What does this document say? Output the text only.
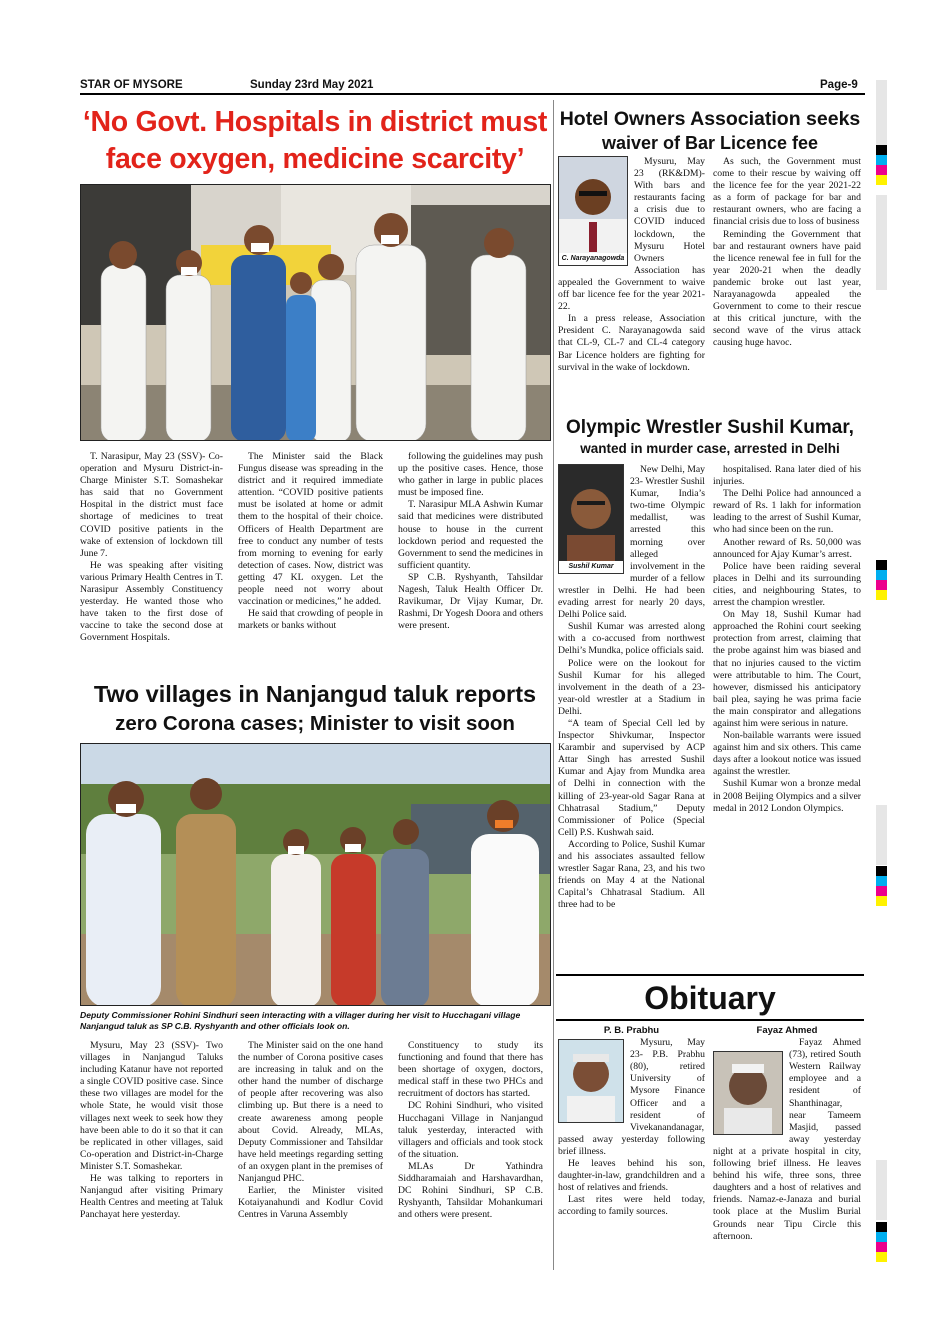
STAR OF MYSORE	Sunday 23rd May 2021	Page-9
‘No Govt. Hospitals in district must
face oxygen, medicine scarcity’

T. Narasipur, May 23 (SSV)- Co-operation and Mysuru District-in-Charge Minister S.T. Somashekar has said that no Government Hospital in the district must face shortage of medicines to treat COVID positive patients in the wake of extension of lockdown till June 7.

He was speaking after visiting various Primary Health Centres in T. Narasipur Assembly Constituency yesterday. He wanted those who have taken to the first dose of vaccine to take the second dose at Government Hospitals.

The Minister said the Black Fungus disease was spreading in the district and it required immediate attention. “COVID positive patients must be isolated at home or admit them to the hospital of their choice. Officers of Health Department are free to conduct any number of tests from morning to evening for early detection of cases. Now, district was getting 47 KL oxygen. Let the people need not worry about vaccination or medicines,” he added.

He said that crowding of people in markets or banks without

following the guidelines may push up the positive cases. Hence, those who gather in large in public places must be imposed fine.

T. Narasipur MLA Ashwin Kumar said that medicines were distributed house to house in the current lockdown period and requested the Government to send the medicines in sufficient quantity.

SP C.B. Ryshyanth, Tahsildar Nagesh, Taluk Health Officer Dr. Ravikumar, Dr Vijay Kumar, Dr. Rashmi, Dr Yogesh Doora and others were present.

Two villages in Nanjangud taluk reports
zero Corona cases; Minister to visit soon
Deputy Commissioner Rohini Sindhuri seen interacting with a villager during her visit to Hucchagani village Nanjangud taluk as SP C.B. Ryshyanth and other officials look on.

Mysuru, May 23 (SSV)- Two villages in Nanjangud Taluks including Katanur have not reported a single COVID positive case. Since these two villages are model for the whole State, he would visit those villages next week to seek how they have been able to do it so that it can be replicated in other villages, said Co-operation and District-in-Charge Minister S.T. Somashekar.

He was talking to reporters in Nanjangud after visiting Primary Health Centres and meeting at Taluk Panchayat here yesterday.

The Minister said on the one hand the number of Corona positive cases are increasing in taluk and on the other hand the number of discharge of people after recovering was also climbing up. But there is a need to create awareness among people about Covid. Already, MLAs, Deputy Commissioner and Tahsildar have held meetings regarding setting of an oxygen plant in the premises of Nanjangud PHC.

Earlier, the Minister visited Kotaiyanahundi and Kodlur Covid Centres in Varuna Assembly

Constituency to study its functioning and found that there has been shortage of oxygen, doctors, medical staff in these two PHCs and recruitment of doctors has started.

DC Rohini Sindhuri, who visited Hucchagani Village in Nanjangud taluk yesterday, interacted with villagers and officials and took stock of the situation.

MLAs Dr Yathindra Siddharamaiah and Harshavardhan, DC Rohini Sindhuri, SP C.B. Ryshyanth, Tahsildar Mohankumari and others were present.

Hotel Owners Association seeks
waiver of Bar Licence fee
C. Narayanagowda

Mysuru, May 23 (RK&DM)- With bars and restaurants facing a crisis due to COVID induced lockdown, the Mysuru Hotel Owners Association has appealed the Government to waive off bar licence fee for the year 2021-22.

In a press release, Association President C. Narayanagowda said that CL-9, CL-7 and CL-4 category Bar Licence holders are fighting for survival in the wake of lockdown.

As such, the Government must come to their rescue by waiving off the licence fee for the year 2021-22 as a form of package for bar and restaurant owners, who are facing a financial crisis due to loss of business

Reminding the Government that bar and restaurant owners have paid the licence renewal fee in full for the year 2020-21 when the deadly pandemic broke out last year, Narayanagowda appealed the Government to come to their rescue at this critical juncture, with the second wave of the virus attack causing huge havoc.

Olympic Wrestler Sushil Kumar,
wanted in murder case, arrested in Delhi
Sushil Kumar

New Delhi, May 23- Wrestler Sushil Kumar, India’s two-time Olympic medallist, was arrested this morning over alleged involvement in the murder of a fellow wrestler in Delhi. He had been evading arrest for nearly 20 days, Delhi Police said.

Sushil Kumar was arrested along with a co-accused from northwest Delhi’s Mundka, police officials said.

Police were on the lookout for Sushil Kumar for his alleged involvement in the death of a 23-year-old wrestler at a Stadium in Delhi.

“A team of Special Cell led by Inspector Shivkumar, Inspector Karambir and supervised by ACP Attar Singh has arrested Sushil Kumar and Ajay from Mundka area of Delhi in connection with the killing of 23-year-old Sagar Rana at Chhatrasal Stadium,” Deputy Commissioner of Police (Special Cell) P.S. Kushwah said.

According to Police, Sushil Kumar and his associates assaulted fellow wrestler Sagar Rana, 23, and his two friends on May 4 at the National Capital’s Chhatrasal Stadium. All three had to be

hospitalised. Rana later died of his injuries.

The Delhi Police had announced a reward of Rs. 1 lakh for information leading to the arrest of Sushil Kumar, who had since been on the run.

Another reward of Rs. 50,000 was announced for Ajay Kumar’s arrest.

Police have been raiding several places in Delhi and its surrounding cities, and neighbouring States, to arrest the champion wrestler.

On May 18, Sushil Kumar had approached the Rohini court seeking protection from arrest, claiming that the probe against him was biased and that no injuries caused to the victim were attributable to him. The Court, however, dismissed his anticipatory bail plea, saying he was prima facie the main conspirator and allegations against him were serious in nature.

Non-bailable warrants were issued against him and six others. This came days after a lookout notice was issued against the wrestler.

Sushil Kumar won a bronze medal in 2008 Beijing Olympics and a silver medal in 2012 London Olympics.

Obituary
P. B. Prabhu

Mysuru, May 23- P.B. Prabhu (80), retired University of Mysore Finance Officer and a resident of Vivekanandanagar, passed away yesterday following brief illness.

He leaves behind his son, daughter-in-law, grandchildren and a host of relatives and friends.

Last rites were held today, according to family sources.

Fayaz Ahmed

Fayaz Ahmed (73), retired South Western Railway employee and a resident of Shanthinagar, near Tameem Masjid, passed away yesterday night at a private hospital in city, following brief illness. He leaves behind his wife, three sons, three daughters and a host of relatives and friends. Namaz-e-Janaza and burial took place at the Muslim Burial Grounds near Tipu Circle this afternoon.
